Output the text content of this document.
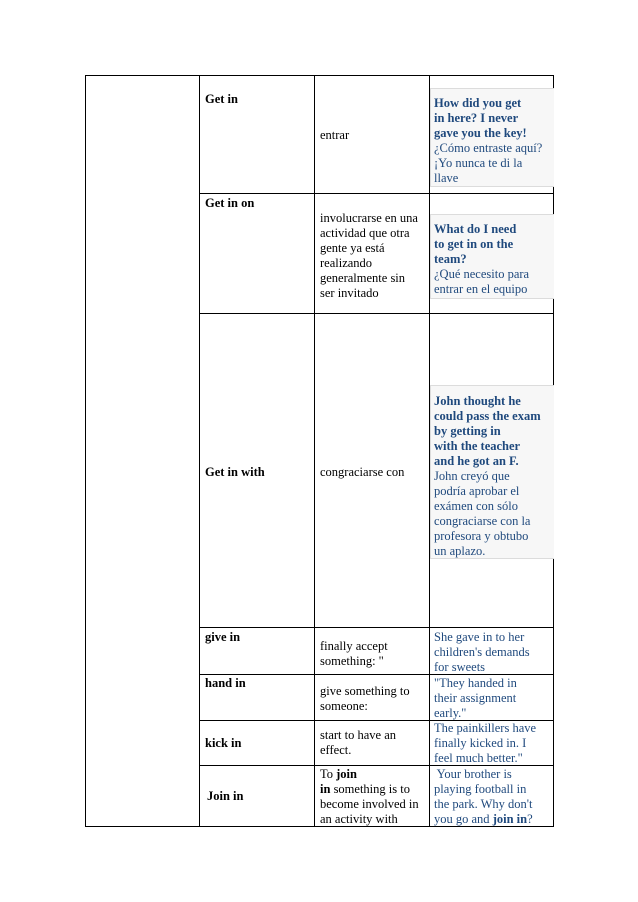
Get in
entrar
How did you get
in here? I never
gave you the key!
¿Cómo entraste aquí?
¡Yo nunca te di la
llave
Get in on
involucrarse en una
actividad que otra
gente ya está
realizando
generalmente sin
ser invitado
What do I need
to get in on the
team?
¿Qué necesito para
entrar en el equipo
Get in with	congraciarse con
John thought he
could pass the exam
by getting in
with the teacher
and he got an F.
John creyó que
podría aprobar el
exámen con sólo
congraciarse con la
profesora y obtubo
un aplazo.
give in
finally accept
something: "
She gave in to her
children's demands
for sweets
hand in
give something to
someone:
"They handed in
their assignment
early."
kick in
start to have an
effect.
The painkillers have
finally kicked in. I
feel much better."
Join in
To join
in something is to
become involved in
an activity with
Your brother is
playing football in
the park. Why don't
you go and join in?
